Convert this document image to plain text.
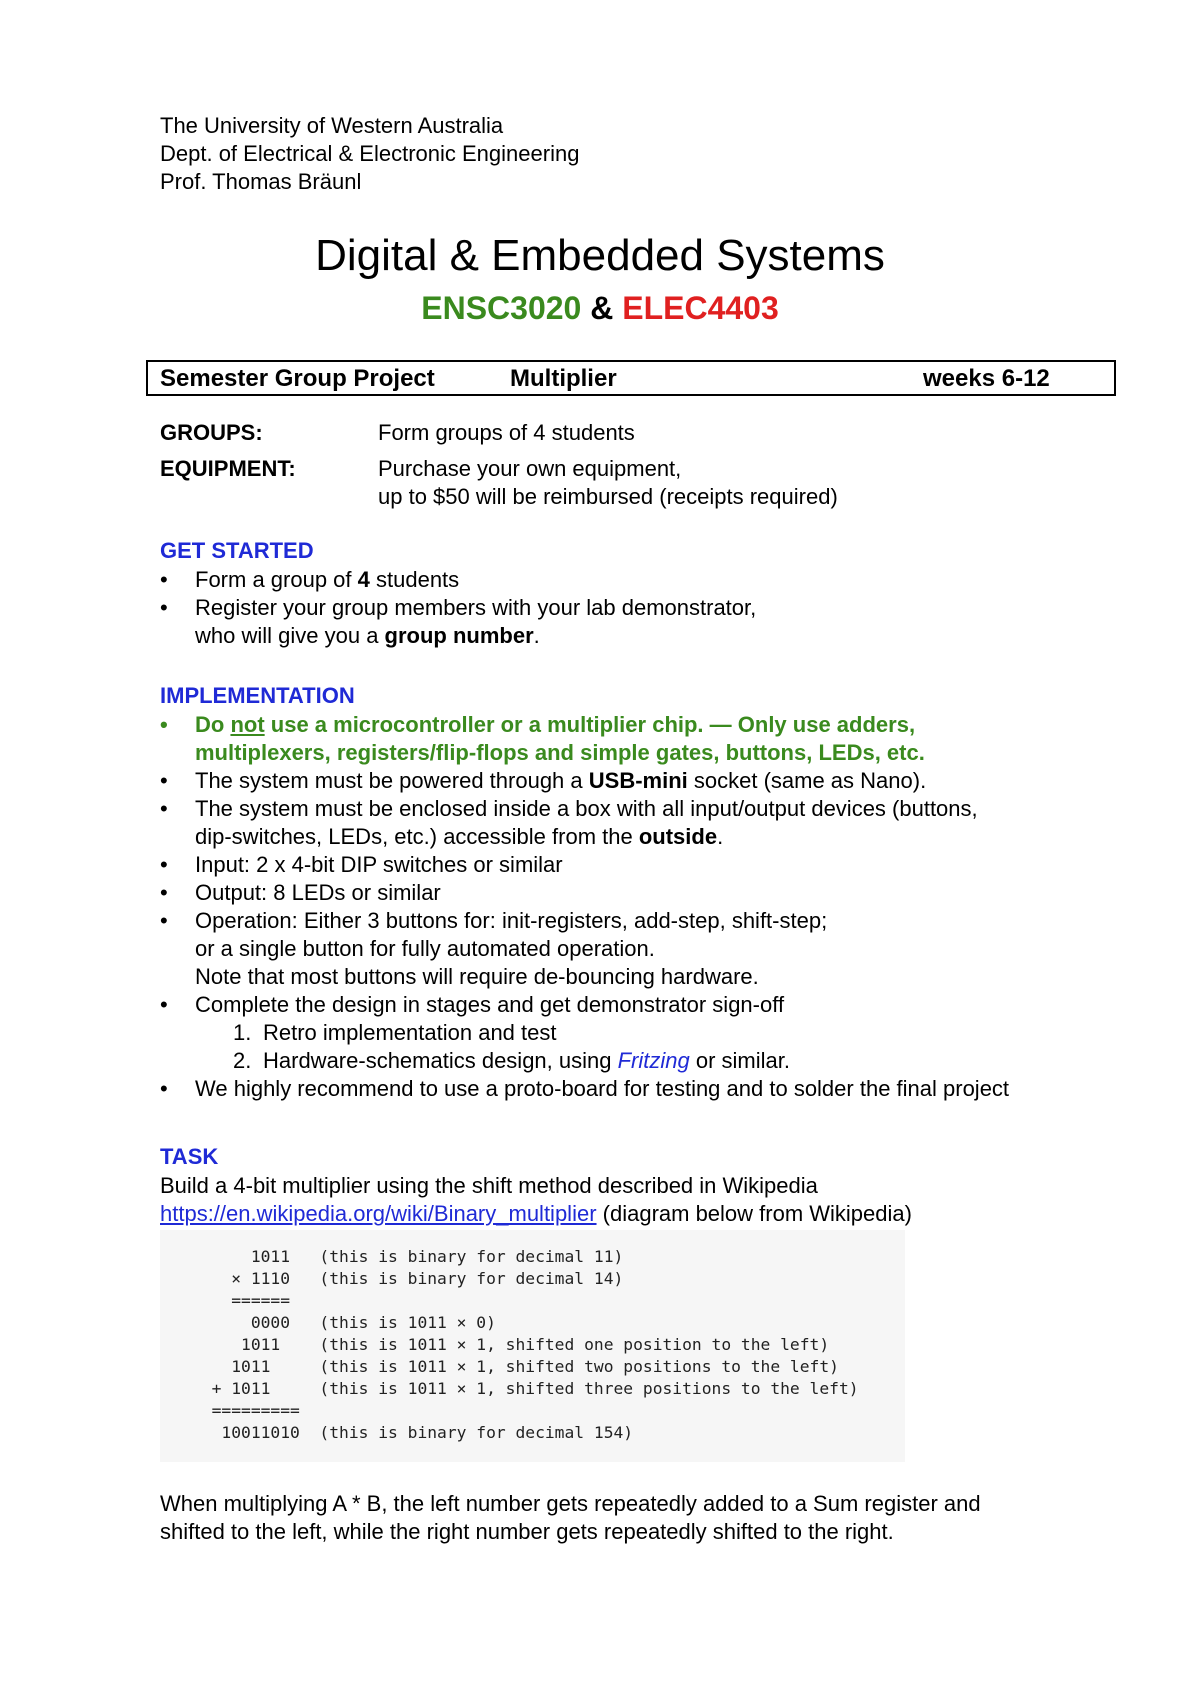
The University of Western Australia
Dept. of Electrical & Electronic Engineering
Prof. Thomas Bräunl
Digital & Embedded Systems
ENSC3020 & ELEC4403
Semester Group Project	Multiplier	weeks 6-12
GROUPS:	Form groups of 4 students
EQUIPMENT:	Purchase your own equipment,
up to $50 will be reimbursed (receipts required)
GET STARTED
• Form a group of 4 students
• Register your group members with your lab demonstrator,
who will give you a group number.
IMPLEMENTATION
• Do not use a microcontroller or a multiplier chip. — Only use adders,
multiplexers, registers/flip-flops and simple gates, buttons, LEDs, etc.
• The system must be powered through a USB-mini socket (same as Nano).
• The system must be enclosed inside a box with all input/output devices (buttons,
dip-switches, LEDs, etc.) accessible from the outside.
• Input: 2 x 4-bit DIP switches or similar
• Output: 8 LEDs or similar
• Operation: Either 3 buttons for: init-registers, add-step, shift-step;
or a single button for fully automated operation.
Note that most buttons will require de-bouncing hardware.
• Complete the design in stages and get demonstrator sign-off
1. Retro implementation and test
2. Hardware-schematics design, using Fritzing or similar.
• We highly recommend to use a proto-board for testing and to solder the final project
TASK
Build a 4-bit multiplier using the shift method described in Wikipedia
https://en.wikipedia.org/wiki/Binary_multiplier (diagram below from Wikipedia)
1011   (this is binary for decimal 11)
× 1110   (this is binary for decimal 14)
======
0000   (this is 1011 × 0)
1011    (this is 1011 × 1, shifted one position to the left)
1011     (this is 1011 × 1, shifted two positions to the left)
+ 1011     (this is 1011 × 1, shifted three positions to the left)
=========
10011010  (this is binary for decimal 154)
When multiplying A * B, the left number gets repeatedly added to a Sum register and
shifted to the left, while the right number gets repeatedly shifted to the right.
